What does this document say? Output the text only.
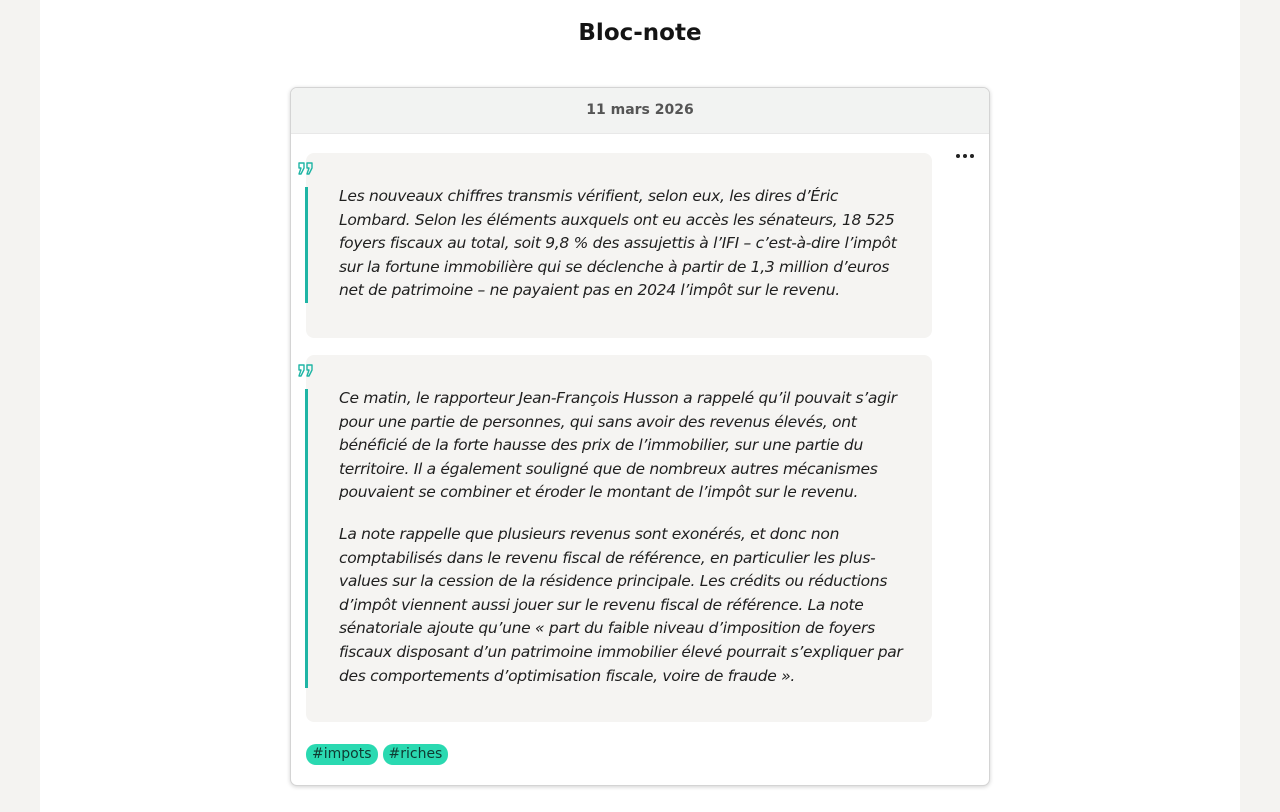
Bloc-note
11 mars 2026

Les nouveaux chiffres transmis vérifient, selon eux, les dires d’Éric Lombard. Selon les éléments auxquels ont eu accès les sénateurs, 18 525 foyers fiscaux au total, soit 9,8 % des assujettis à l’IFI – c’est-à-dire l’impôt sur la fortune immobilière qui se déclenche à partir de 1,3 million d’euros net de patrimoine – ne payaient pas en 2024 l’impôt sur le revenu.

Ce matin, le rapporteur Jean-François Husson a rappelé qu’il pouvait s’agir pour une partie de personnes, qui sans avoir des revenus élevés, ont bénéficié de la forte hausse des prix de l’immobilier, sur une partie du territoire. Il a également souligné que de nombreux autres mécanismes pouvaient se combiner et éroder le montant de l’impôt sur le revenu.

La note rappelle que plusieurs revenus sont exonérés, et donc non comptabilisés dans le revenu fiscal de référence, en particulier les plus-values sur la cession de la résidence principale. Les crédits ou réductions d’impôt viennent aussi jouer sur le revenu fiscal de référence. La note sénatoriale ajoute qu’une « part du faible niveau d’imposition de foyers fiscaux disposant d’un patrimoine immobilier élevé pourrait s’expliquer par des comportements d’optimisation fiscale, voire de fraude ».

#impots	#riches
